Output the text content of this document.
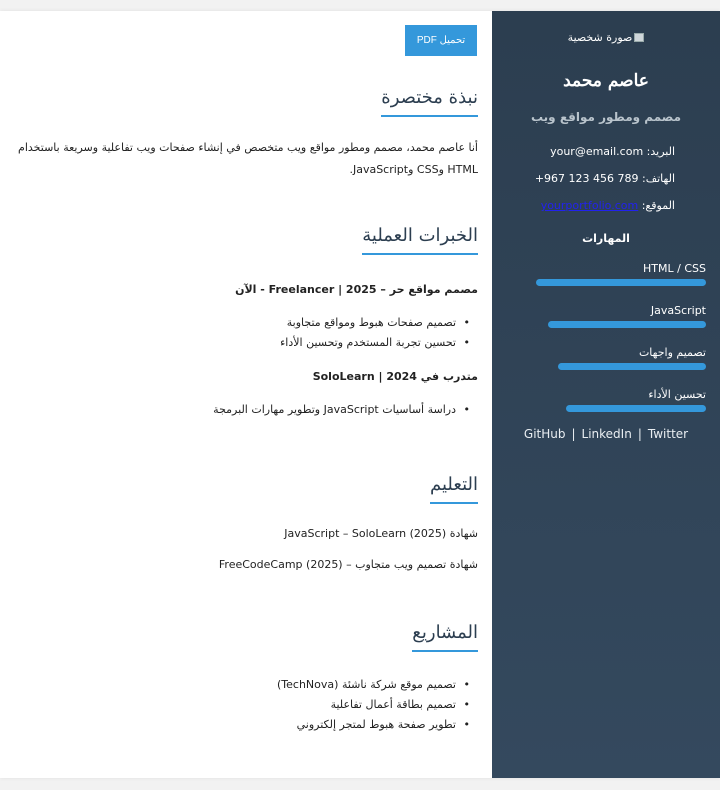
صورة شخصية
عاصم محمد
مصمم ومطور مواقع ويب
البريد: your@email.com
الهاتف: +967 123 456 789
الموقع: yourportfolio.com
المهارات
HTML / CSS
JavaScript
تصميم واجهات
تحسين الأداء
GitHub | LinkedIn | Twitter
تحميل PDF
نبذة مختصرة

أنا عاصم محمد، مصمم ومطور مواقع ويب متخصص في إنشاء صفحات ويب تفاعلية وسريعة باستخدام HTML وCSS وJavaScript.

الخبرات العملية
مصمم مواقع حر – Freelancer | 2025 - الآن
• تصميم صفحات هبوط ومواقع متجاوبة
• تحسين تجربة المستخدم وتحسين الأداء
متدرب في SoloLearn | 2024
• دراسة أساسيات JavaScript وتطوير مهارات البرمجة
التعليم

شهادة JavaScript – SoloLearn (2025)

شهادة تصميم ويب متجاوب – FreeCodeCamp (2025)

المشاريع
• تصميم موقع شركة ناشئة (TechNova)
• تصميم بطاقة أعمال تفاعلية
• تطوير صفحة هبوط لمتجر إلكتروني
